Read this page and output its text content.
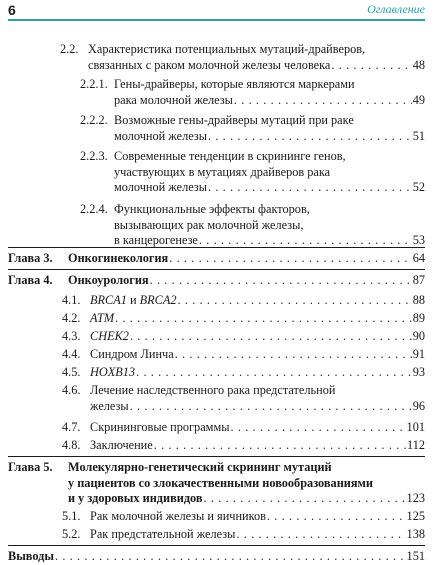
6	Оглавление
2.2. Характеристика потенциальных мутаций-драйверов,
связанных с раком молочной железы человека . . .	48
2.2.1. Гены-драйверы, которые являются маркерами
рака молочной железы . . .	49
2.2.2. Возможные гены-драйверы мутаций при раке
молочной железы . . .	51
2.2.3. Современные тенденции в скрининге генов,
участвующих в мутациях драйверов рака
молочной железы . . .	52
2.2.4. Функциональные эффекты факторов,
вызывающих рак молочной железы,
в канцерогенезе . . .	53
Глава 3. Онкогинекология . . .	64
Глава 4. Онкоурология . . .	87
4.1. BRCA1 и BRCA2 . . .	88
4.2. ATM . . .	89
4.3. CHEK2 . . .	90
4.4. Синдром Линча . . .	91
4.5. HOXB13 . . .	93
4.6. Лечение наследственного рака предстательной
железы . . .	96
4.7. Скрининговые программы . . .	101
4.8. Заключение . . .	112
Глава 5.	Молекулярно-генетический скрининг мутаций
у пациентов со злокачественными новообразованиями
и у здоровых индивидов . . .	123
5.1. Рак молочной железы и яичников . . .	125
5.2. Рак предстательной железы . . .	138
Выводы . . .	151
